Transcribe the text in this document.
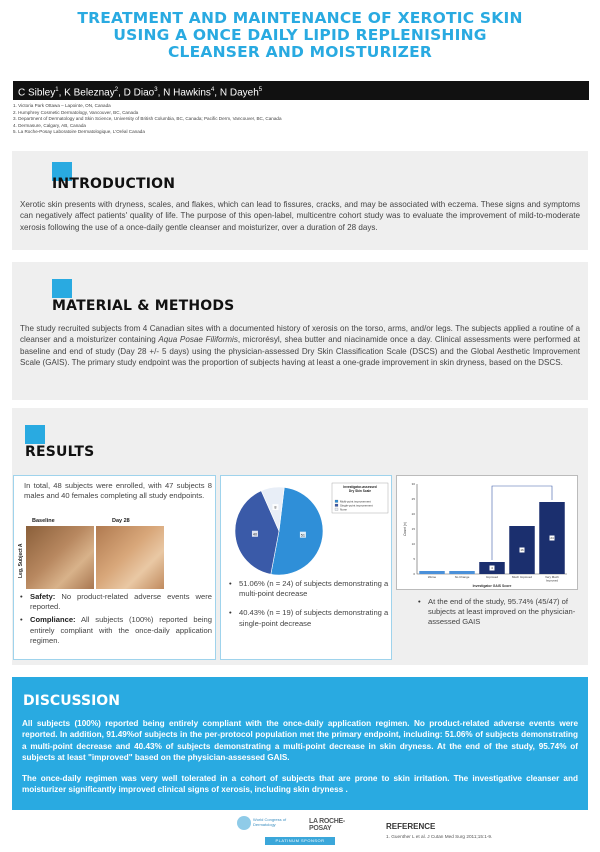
TREATMENT AND MAINTENANCE OF XEROTIC SKIN
USING A ONCE DAILY LIPID REPLENISHING
CLEANSER AND MOISTURIZER
C Sibley$^1$, K Beleznay$^2$, D Diao$^3$, N Hawkins$^4$, N Dayeh$^5$
1. Victoria Park Ottawa – Lapointe, ON, Canada
2. Humphrey Cosmetic Dermatology, Vancouver, BC, Canada
3. Department of Dermatology and Skin Science, University of British Columbia, BC, Canada; Pacific Derm, Vancouver, BC, Canada
4. Dermasure, Calgary, AB, Canada
5. La Roche-Posay Laboratoire Dermatologique, L'Oréal Canada
INTRODUCTION
Xerotic skin presents with dryness, scales, and flakes, which can lead to fissures, cracks, and may be associated with eczema. These signs and symptoms can negatively affect patients' quality of life. The purpose of this open-label, multicentre cohort study was to evaluate the improvement of mild-to-moderate xerosis following the use of a once-daily gentle cleanser and moisturizer, over a duration of 28 days.
MATERIAL & METHODS
The study recruited subjects from 4 Canadian sites with a documented history of xerosis on the torso, arms, and/or legs. The subjects applied a routine of a cleanser and a moisturizer containing Aqua Posae Filiformis, microrésyl, shea butter and niacinamide once a day. Clinical assessments were performed at baseline and end of study (Day 28 +/- 5 days) using the physician-assessed Dry Skin Classification Scale (DSCS) and the Global Aesthetic Improvement Scale (GAIS). The primary study endpoint was the proportion of subjects having at least a one-grade improvement in skin dryness, based on the DSCS.
RESULTS
In total, 48 subjects were enrolled, with 47 subjects 8 males and 40 females completing all study endpoints.
Baseline	Day 28
Leg, Subject A
• Safety: No product-related adverse events were reported.
• Compliance: All subjects (100%) reported being entirely compliant with the once-daily application regimen.
51
40
8
Investigator-assessed
Dry Skin Scale
Multi-point improvement
Single-point improvement
None
• 51.06% (n = 24) of subjects demonstrating a multi-point decrease
• 40.43% (n = 19) of subjects demonstrating a single-point decrease
0
5
10
15
20
25
30
Count (n)
Worse	No Change
4
Improved
16
Much Improved
24
Very Much
Improved
Investigator GAIS Score
• At the end of the study, 95.74% (45/47) of subjects at least improved on the physician-assessed GAIS
DISCUSSION
All subjects (100%) reported being entirely compliant with the once-daily application regimen. No product-related adverse events were reported. In addition, 91.49%of subjects in the per-protocol population met the primary endpoint, including: 51.06% of subjects demonstrating a multi-point decrease and 40.43% of subjects demonstrating a multi-point decrease in skin dryness. At the end of the study, 95.74% of subjects at least "improved" based on the physician-assessed GAIS.
The once-daily regimen was very well tolerated in a cohort of subjects that are prone to skin irritation. The investigative cleanser and moisturizer significantly improved clinical signs of xerosis, including skin dryness .
World Congress of Dermatology	LA ROCHE-POSAY
PLATINUM SPONSOR
REFERENCE
1. Guenther L et al. J Cutan Med Surg 2011;15:1-9.
